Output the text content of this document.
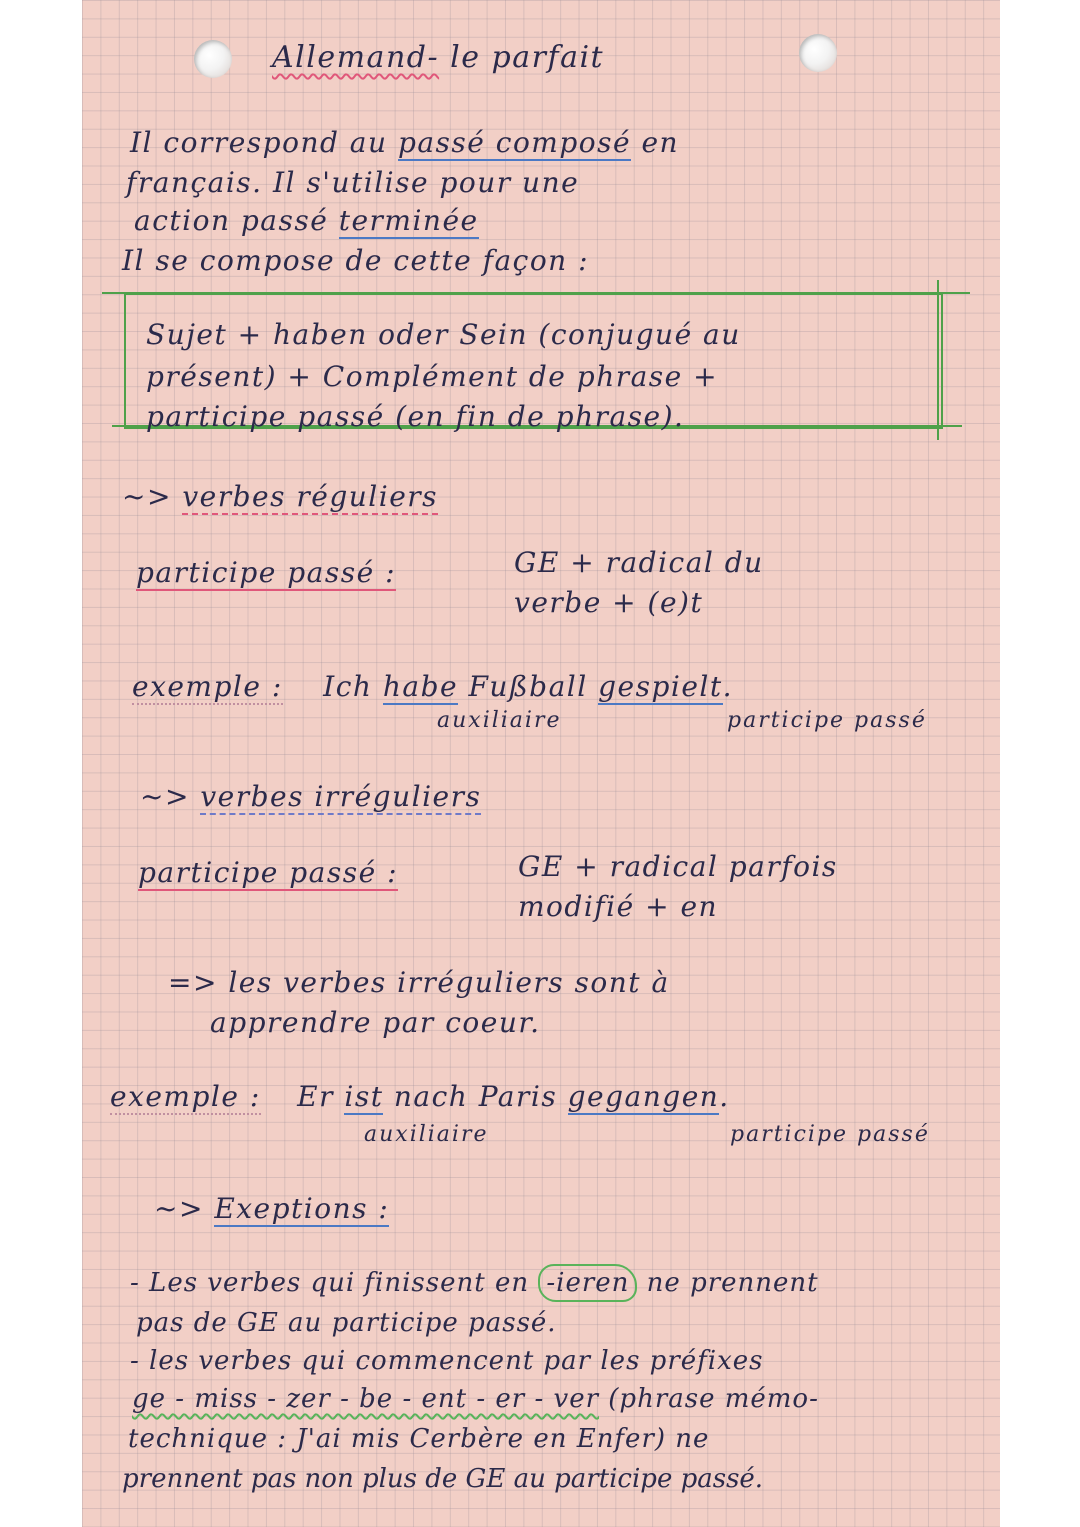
Allemand- le parfait
Il correspond au passé composé en
français. Il s'utilise pour une
action passé terminée
Il se compose de cette façon :
Sujet + haben oder Sein (conjugué au
présent) + Complément de phrase +
participe passé (en fin de phrase).
~> verbes réguliers
participe passé :	GE + radical du
verbe + (e)t
exemple : Ich habe Fußball gespielt.
auxiliaire	participe passé
~> verbes irréguliers
participe passé :	GE + radical parfois
modifié + en
=> les verbes irréguliers sont à
apprendre par coeur.
exemple : Er ist nach Paris gegangen.
auxiliaire	participe passé
~> Exeptions :
- Les verbes qui finissent en -ieren ne prennent
pas de GE au participe passé.
- les verbes qui commencent par les préfixes
ge - miss - zer - be - ent - er - ver (phrase mémo-
technique : J'ai mis Cerbère en Enfer) ne
prennent pas non plus de GE au participe passé.
